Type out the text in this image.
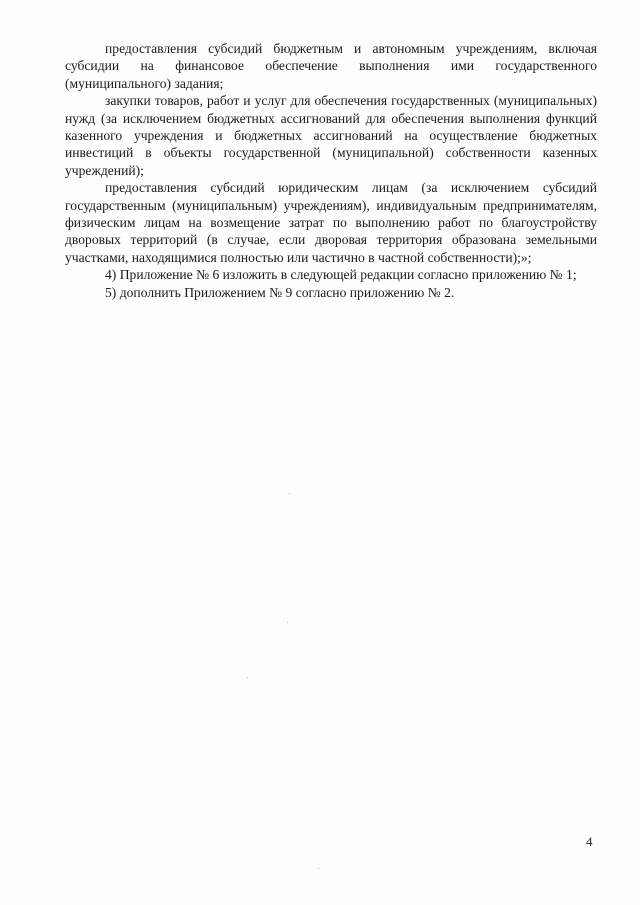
предоставления субсидий бюджетным и автономным учреждениям, включая субсидии на финансовое обеспечение выполнения ими государственного (муниципального) задания;

закупки товаров, работ и услуг для обеспечения государственных (муниципальных) нужд (за исключением бюджетных ассигнований для обеспечения выполнения функций казенного учреждения и бюджетных ассигнований на осуществление бюджетных инвестиций в объекты государственной (муниципальной) собственности казенных учреждений);

предоставления субсидий юридическим лицам (за исключением субсидий государственным (муниципальным) учреждениям), индивидуальным предпринимателям, физическим лицам на возмещение затрат по выполнению работ по благоустройству дворовых территорий (в случае, если дворовая территория образована земельными участками, находящимися полностью или частично в частной собственности);»;

4) Приложение № 6 изложить в следующей редакции согласно приложению № 1;

5) дополнить Приложением № 9 согласно приложению № 2.

4
